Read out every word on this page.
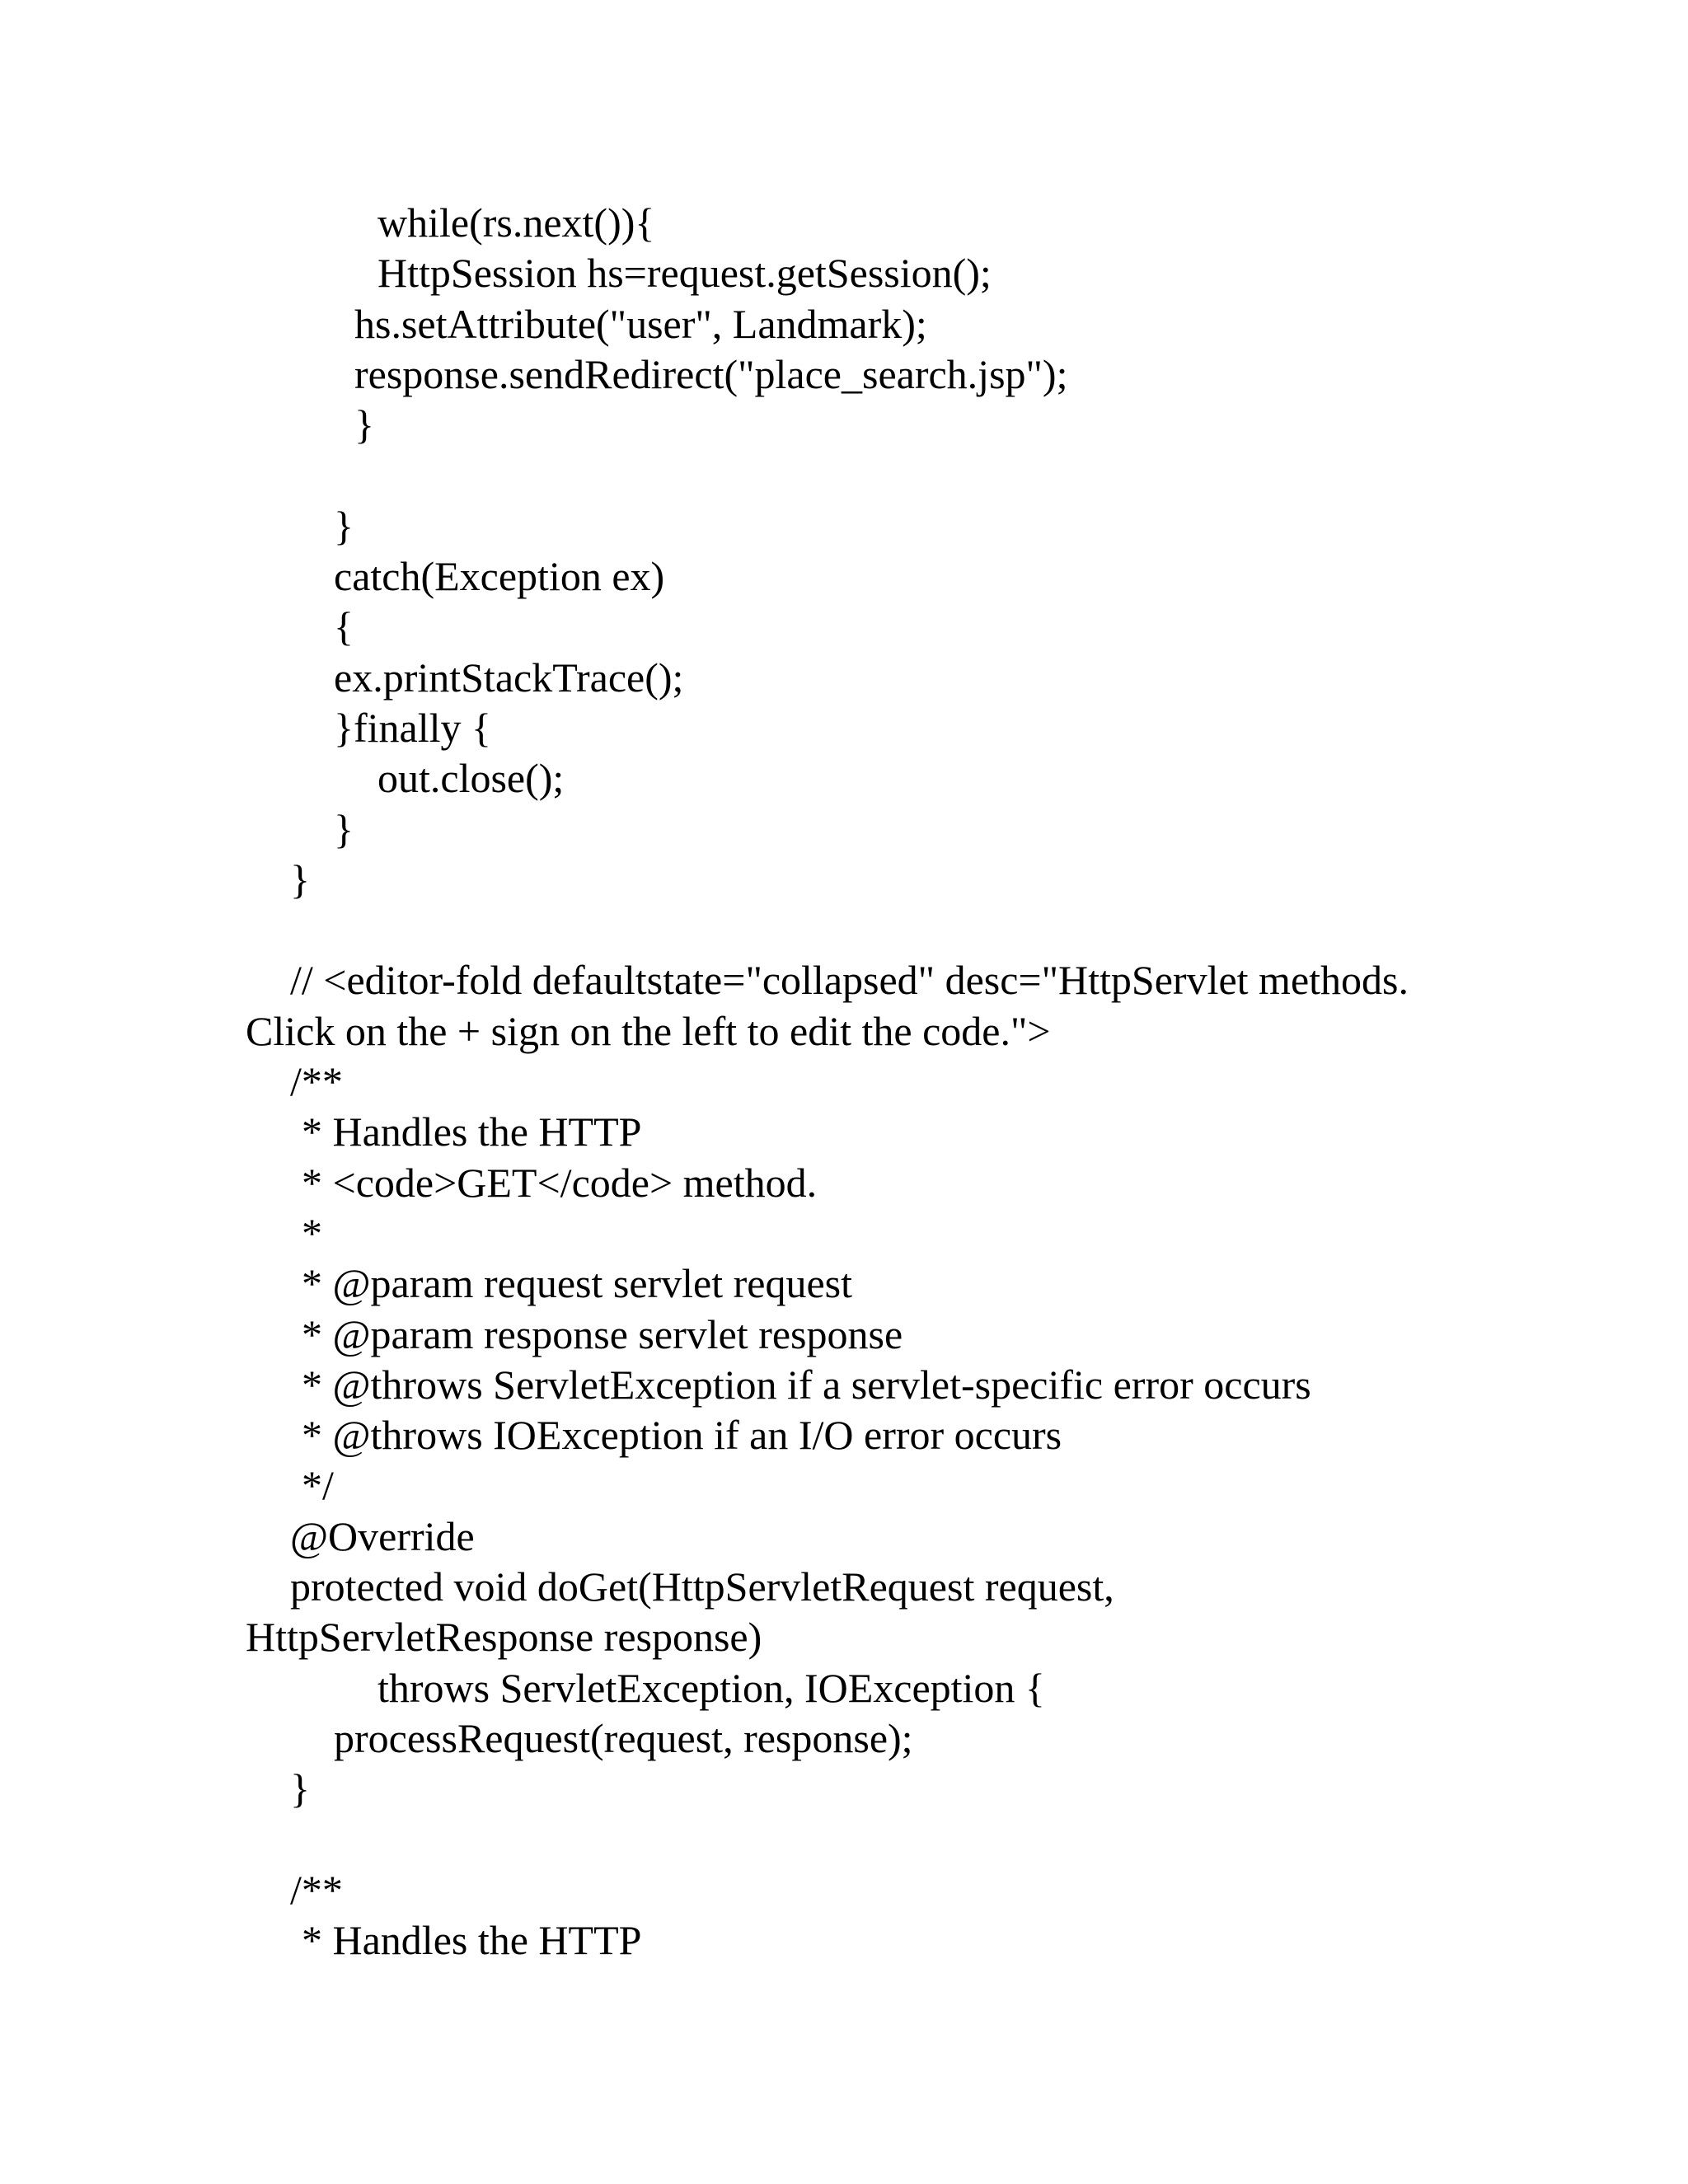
while(rs.next()){
HttpSession hs=request.getSession();
hs.setAttribute("user", Landmark);
response.sendRedirect("place_search.jsp");
}
}
catch(Exception ex)
{
ex.printStackTrace();
}finally {
out.close();
}
}
// <editor-fold defaultstate="collapsed" desc="HttpServlet methods.
Click on the + sign on the left to edit the code.">
/**
* Handles the HTTP
* <code>GET</code> method.
*
* @param request servlet request
* @param response servlet response
* @throws ServletException if a servlet-specific error occurs
* @throws IOException if an I/O error occurs
*/
@Override
protected void doGet(HttpServletRequest request,
HttpServletResponse response)
throws ServletException, IOException {
processRequest(request, response);
}
/**
* Handles the HTTP
